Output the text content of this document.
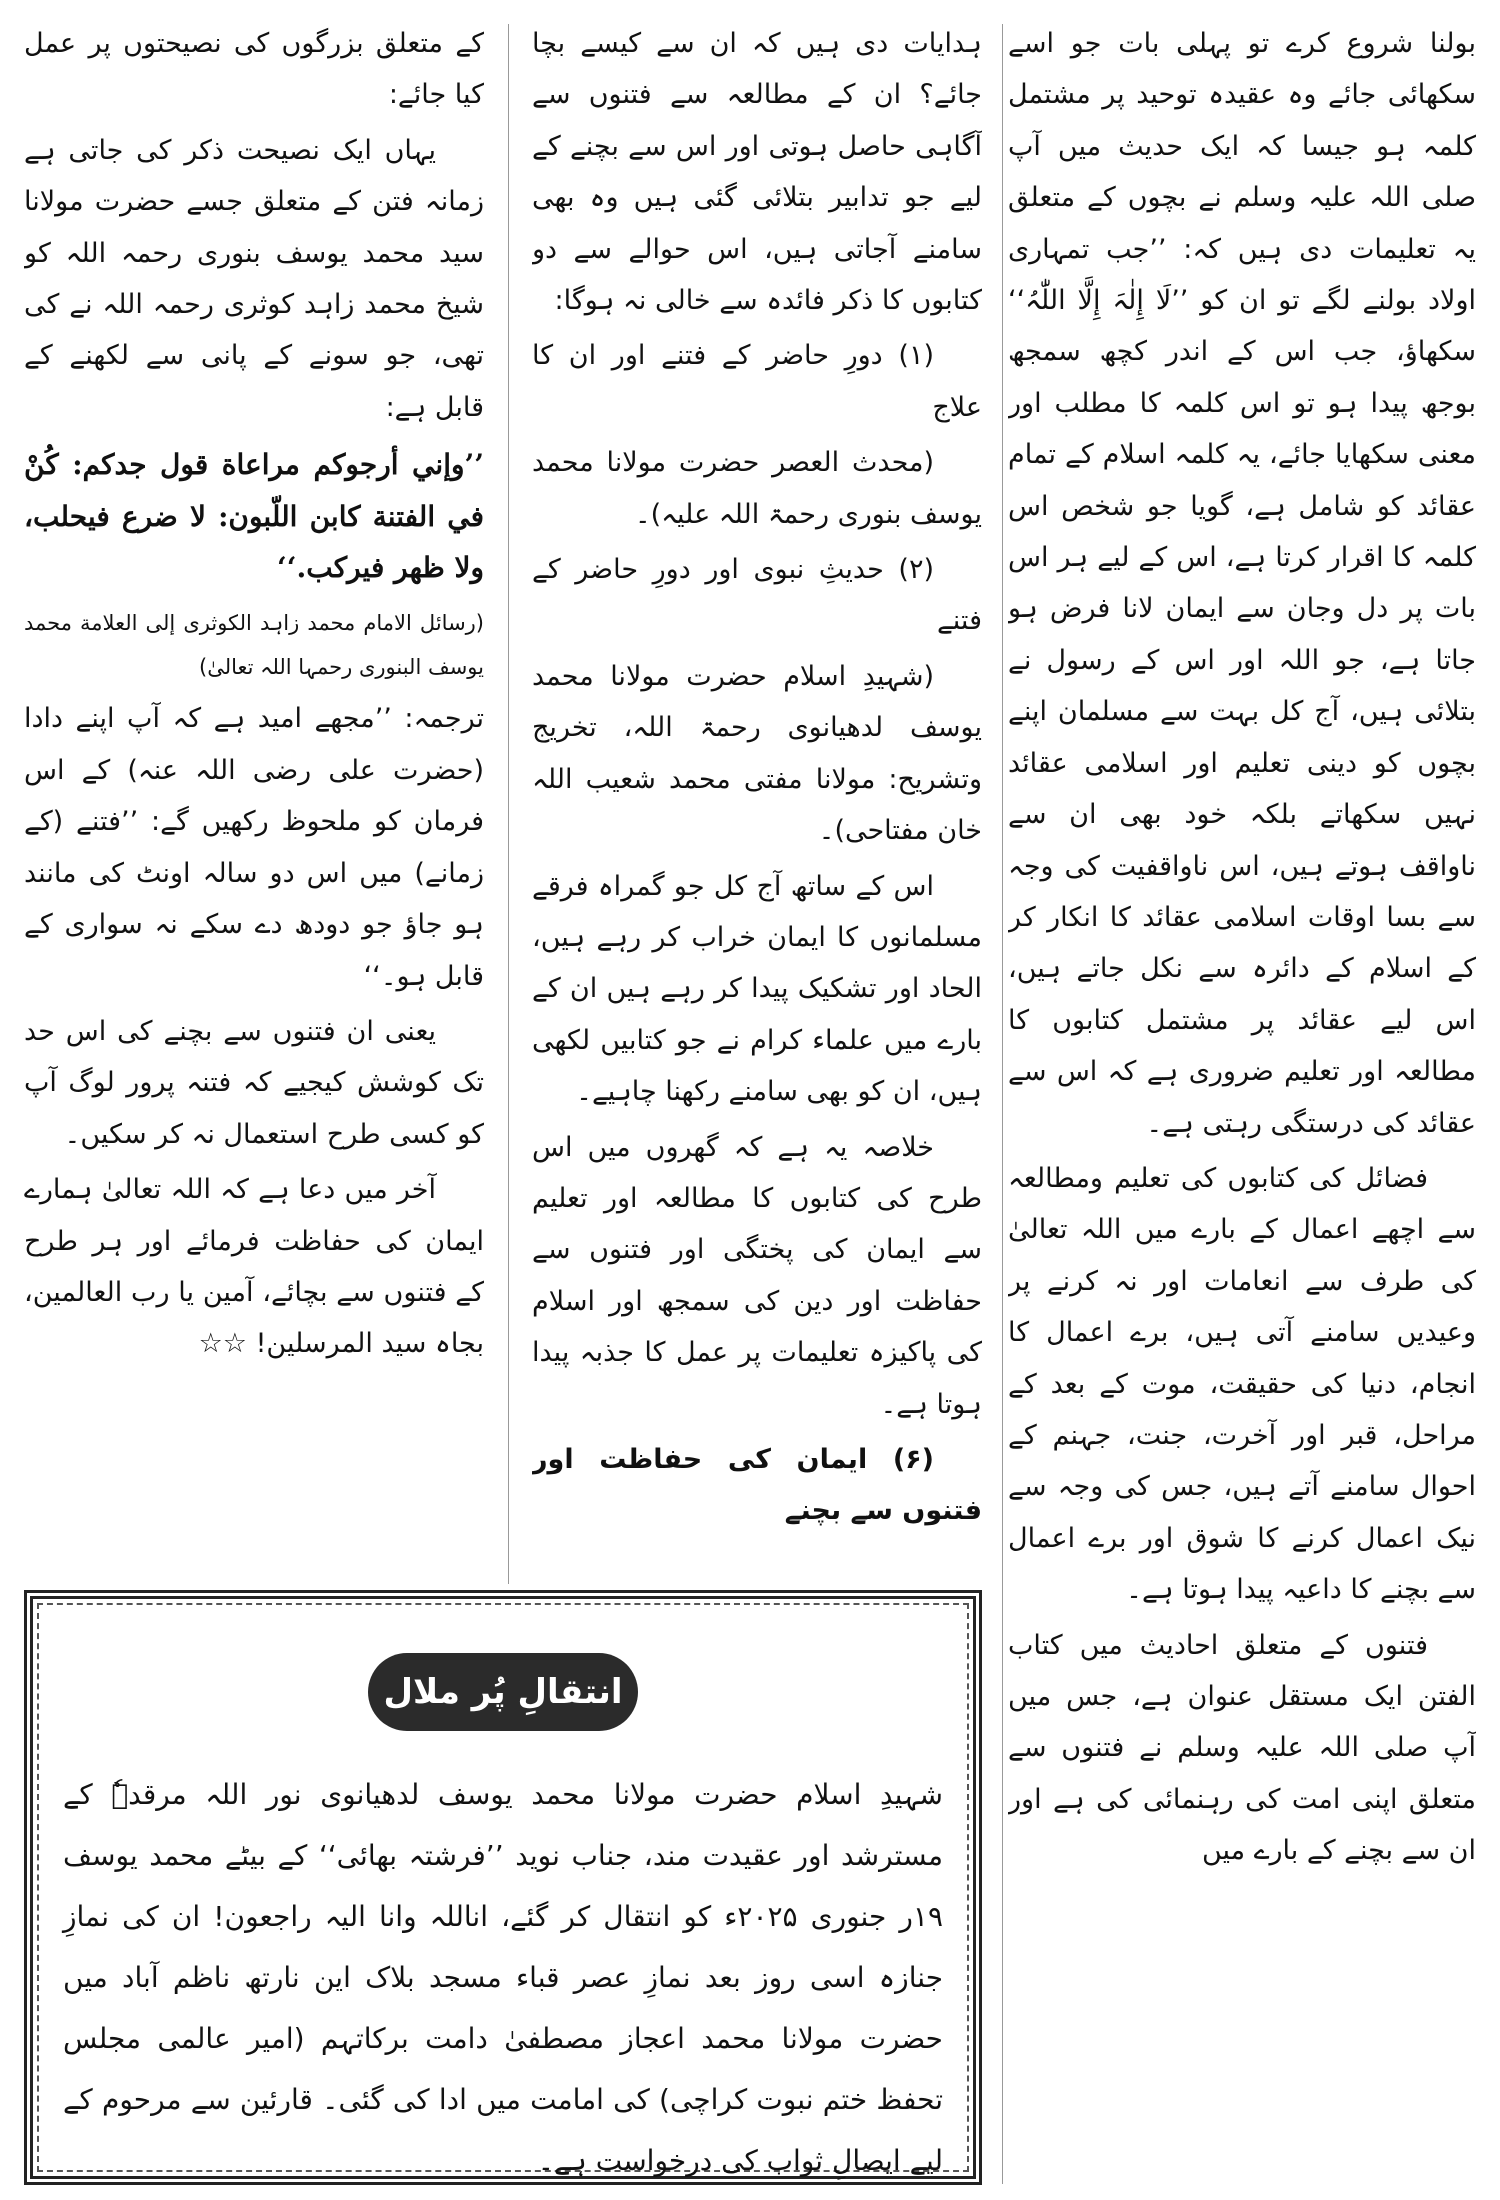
بولنا شروع کرے تو پہلی بات جو اسے سکھائی جائے وہ عقیدہ توحید پر مشتمل کلمہ ہو جیسا کہ ایک حدیث میں آپ صلی اللہ علیہ وسلم نے بچوں کے متعلق یہ تعلیمات دی ہیں کہ: ’’جب تمہاری اولاد بولنے لگے تو ان کو ’’لَا إِلٰہَ إِلَّا اللّٰہُ‘‘ سکھاؤ، جب اس کے اندر کچھ سمجھ بوجھ پیدا ہو تو اس کلمہ کا مطلب اور معنی سکھایا جائے، یہ کلمہ اسلام کے تمام عقائد کو شامل ہے، گویا جو شخص اس کلمہ کا اقرار کرتا ہے، اس کے لیے ہر اس بات پر دل وجان سے ایمان لانا فرض ہو جاتا ہے، جو اللہ اور اس کے رسول نے بتلائی ہیں، آج کل بہت سے مسلمان اپنے بچوں کو دینی تعلیم اور اسلامی عقائد نہیں سکھاتے بلکہ خود بھی ان سے ناواقف ہوتے ہیں، اس ناواقفیت کی وجہ سے بسا اوقات اسلامی عقائد کا انکار کر کے اسلام کے دائرہ سے نکل جاتے ہیں، اس لیے عقائد پر مشتمل کتابوں کا مطالعہ اور تعلیم ضروری ہے کہ اس سے عقائد کی درستگی رہتی ہے۔

فضائل کی کتابوں کی تعلیم ومطالعہ سے اچھے اعمال کے بارے میں اللہ تعالیٰ کی طرف سے انعامات اور نہ کرنے پر وعیدیں سامنے آتی ہیں، برے اعمال کا انجام، دنیا کی حقیقت، موت کے بعد کے مراحل، قبر اور آخرت، جنت، جہنم کے احوال سامنے آتے ہیں، جس کی وجہ سے نیک اعمال کرنے کا شوق اور برے اعمال سے بچنے کا داعیہ پیدا ہوتا ہے۔

فتنوں کے متعلق احادیث میں کتاب الفتن ایک مستقل عنوان ہے، جس میں آپ صلی اللہ علیہ وسلم نے فتنوں سے متعلق اپنی امت کی رہنمائی کی ہے اور ان سے بچنے کے بارے میں

ہدایات دی ہیں کہ ان سے کیسے بچا جائے؟ ان کے مطالعہ سے فتنوں سے آگاہی حاصل ہوتی اور اس سے بچنے کے لیے جو تدابیر بتلائی گئی ہیں وہ بھی سامنے آجاتی ہیں، اس حوالے سے دو کتابوں کا ذکر فائدہ سے خالی نہ ہوگا:

(۱) دورِ حاضر کے فتنے اور ان کا علاج

(محدث العصر حضرت مولانا محمد یوسف بنوری رحمۃ اللہ علیہ)۔

(۲) حدیثِ نبوی اور دورِ حاضر کے فتنے

(شہیدِ اسلام حضرت مولانا محمد یوسف لدھیانوی رحمۃ اللہ، تخریج وتشریح: مولانا مفتی محمد شعیب اللہ خان مفتاحی)۔

اس کے ساتھ آج کل جو گمراہ فرقے مسلمانوں کا ایمان خراب کر رہے ہیں، الحاد اور تشکیک پیدا کر رہے ہیں ان کے بارے میں علماء کرام نے جو کتابیں لکھی ہیں، ان کو بھی سامنے رکھنا چاہیے۔

خلاصہ یہ ہے کہ گھروں میں اس طرح کی کتابوں کا مطالعہ اور تعلیم سے ایمان کی پختگی اور فتنوں سے حفاظت اور دین کی سمجھ اور اسلام کی پاکیزہ تعلیمات پر عمل کا جذبہ پیدا ہوتا ہے۔

(۶) ایمان کی حفاظت اور فتنوں سے بچنے

کے متعلق بزرگوں کی نصیحتوں پر عمل کیا جائے:

یہاں ایک نصیحت ذکر کی جاتی ہے زمانہ فتن کے متعلق جسے حضرت مولانا سید محمد یوسف بنوری رحمہ اللہ کو شیخ محمد زاہد کوثری رحمہ اللہ نے کی تھی، جو سونے کے پانی سے لکھنے کے قابل ہے:

’’وإني أرجوكم مراعاة قول جدكم: كُنْ في الفتنة كابن اللّبون: لا ضرع فيحلب، ولا ظهر فيركب.‘‘

(رسائل الامام محمد زاہد الکوثری إلى العلامة محمد یوسف البنوری رحمہا اللہ تعالیٰ)

ترجمہ: ’’مجھے امید ہے کہ آپ اپنے دادا (حضرت علی رضی اللہ عنہ) کے اس فرمان کو ملحوظ رکھیں گے: ’’فتنے (کے زمانے) میں اس دو سالہ اونٹ کی مانند ہو جاؤ جو دودھ دے سکے نہ سواری کے قابل ہو۔‘‘

یعنی ان فتنوں سے بچنے کی اس حد تک کوشش کیجیے کہ فتنہ پرور لوگ آپ کو کسی طرح استعمال نہ کر سکیں۔

آخر میں دعا ہے کہ اللہ تعالیٰ ہمارے ایمان کی حفاظت فرمائے اور ہر طرح کے فتنوں سے بچائے، آمین یا رب العالمین، بجاہ سید المرسلین! ☆☆

انتقالِ پُر ملال

شہیدِ اسلام حضرت مولانا محمد یوسف لدھیانوی نور اللہ مرقدہٗ کے مسترشد اور عقیدت مند، جناب نوید ’’فرشتہ بھائی‘‘ کے بیٹے محمد یوسف ۱۹ر جنوری ۲۰۲۵ء کو انتقال کر گئے، اناللہ وانا الیہ راجعون! ان کی نمازِ جنازہ اسی روز بعد نمازِ عصر قباء مسجد بلاک این نارتھ ناظم آباد میں حضرت مولانا محمد اعجاز مصطفیٰ دامت برکاتہم (امیر عالمی مجلس تحفظ ختم نبوت کراچی) کی امامت میں ادا کی گئی۔ قارئین سے مرحوم کے لیے ایصالِ ثواب کی درخواست ہے۔
